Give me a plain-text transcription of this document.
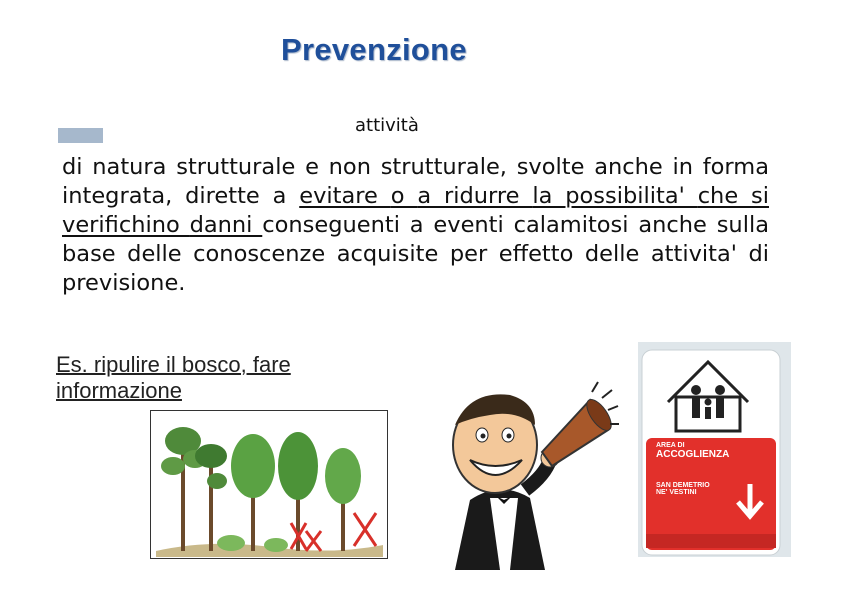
Prevenzione
attività
di natura strutturale e non strutturale, svolte anche in forma integrata, dirette a evitare o a ridurre la possibilita' che si verifichino danni conseguenti a eventi calamitosi anche sulla base delle conoscenze acquisite per effetto delle attivita' di previsione.
AREA DI
ACCOGLIENZA
SAN DEMETRIO
NE' VESTINI
Es. ripulire il bosco, fare informazione
